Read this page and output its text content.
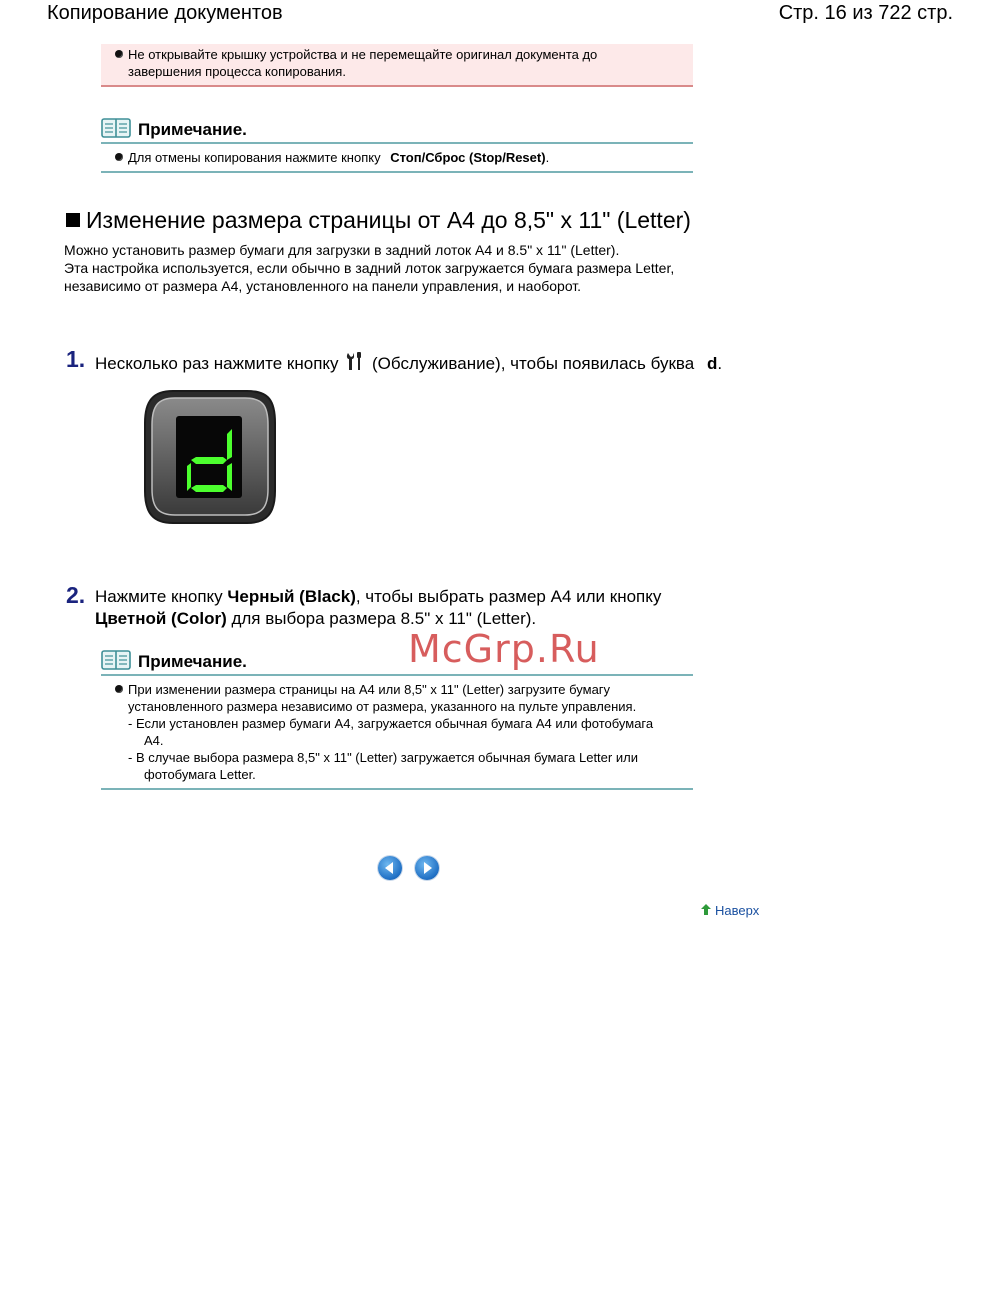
Копирование документов	Стр. 16 из 722 стр.
Не открывайте крышку устройства и не перемещайте оригинал документа до
завершения процесса копирования.
Примечание.
Для отмены копирования нажмите кнопку Стоп/Сброс (Stop/Reset).
Изменение размера страницы от A4 до 8,5" x 11" (Letter)
Можно установить размер бумаги для загрузки в задний лоток A4 и 8.5" x 11" (Letter).
Эта настройка используется, если обычно в задний лоток загружается бумага размера Letter,
независимо от размера A4, установленного на панели управления, и наоборот.
1. Несколько раз нажмите кнопку (Обслуживание), чтобы появилась буква d.
2. Нажмите кнопку Черный (Black), чтобы выбрать размер A4 или кнопку
Цветной (Color) для выбора размера 8.5" x 11" (Letter).
Примечание.
При изменении размера страницы на A4 или 8,5" x 11" (Letter) загрузите бумагу
установленного размера независимо от размера, указанного на пульте управления.
- Если установлен размер бумаги A4, загружается обычная бумага A4 или фотобумага
A4.
- В случае выбора размера 8,5" x 11" (Letter) загружается обычная бумага Letter или
фотобумага Letter.
McGrp.Ru
Наверх
